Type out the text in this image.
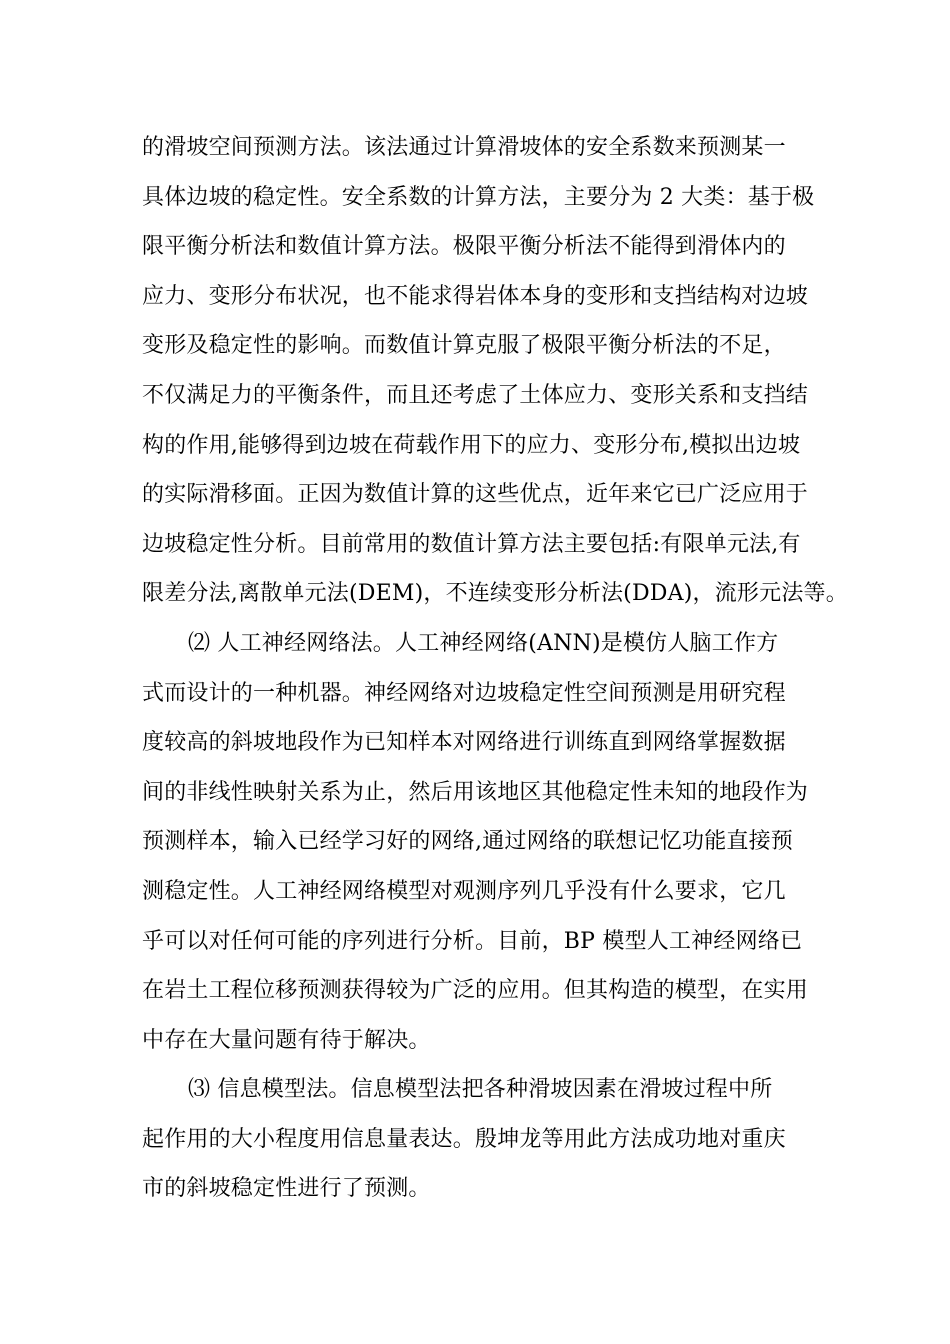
的滑坡空间预测方法。该法通过计算滑坡体的安全系数来预测某一
具体边坡的稳定性。安全系数的计算方法，主要分为 2 大类：基于极
限平衡分析法和数值计算方法。极限平衡分析法不能得到滑体内的
应力、变形分布状况，也不能求得岩体本身的变形和支挡结构对边坡
变形及稳定性的影响。而数值计算克服了极限平衡分析法的不足，
不仅满足力的平衡条件，而且还考虑了土体应力、变形关系和支挡结
构的作用,能够得到边坡在荷载作用下的应力、变形分布,模拟出边坡
的实际滑移面。正因为数值计算的这些优点，近年来它已广泛应用于
边坡稳定性分析。目前常用的数值计算方法主要包括:有限单元法,有
限差分法,离散单元法(DEM)，不连续变形分析法(DDA)，流形元法等。
⑵ 人工神经网络法。人工神经网络(ANN)是模仿人脑工作方
式而设计的一种机器。神经网络对边坡稳定性空间预测是用研究程
度较高的斜坡地段作为已知样本对网络进行训练直到网络掌握数据
间的非线性映射关系为止，然后用该地区其他稳定性未知的地段作为
预测样本，输入已经学习好的网络,通过网络的联想记忆功能直接预
测稳定性。人工神经网络模型对观测序列几乎没有什么要求，它几
乎可以对任何可能的序列进行分析。目前，BP 模型人工神经网络已
在岩土工程位移预测获得较为广泛的应用。但其构造的模型，在实用
中存在大量问题有待于解决。
⑶ 信息模型法。信息模型法把各种滑坡因素在滑坡过程中所
起作用的大小程度用信息量表达。殷坤龙等用此方法成功地对重庆
市的斜坡稳定性进行了预测。
